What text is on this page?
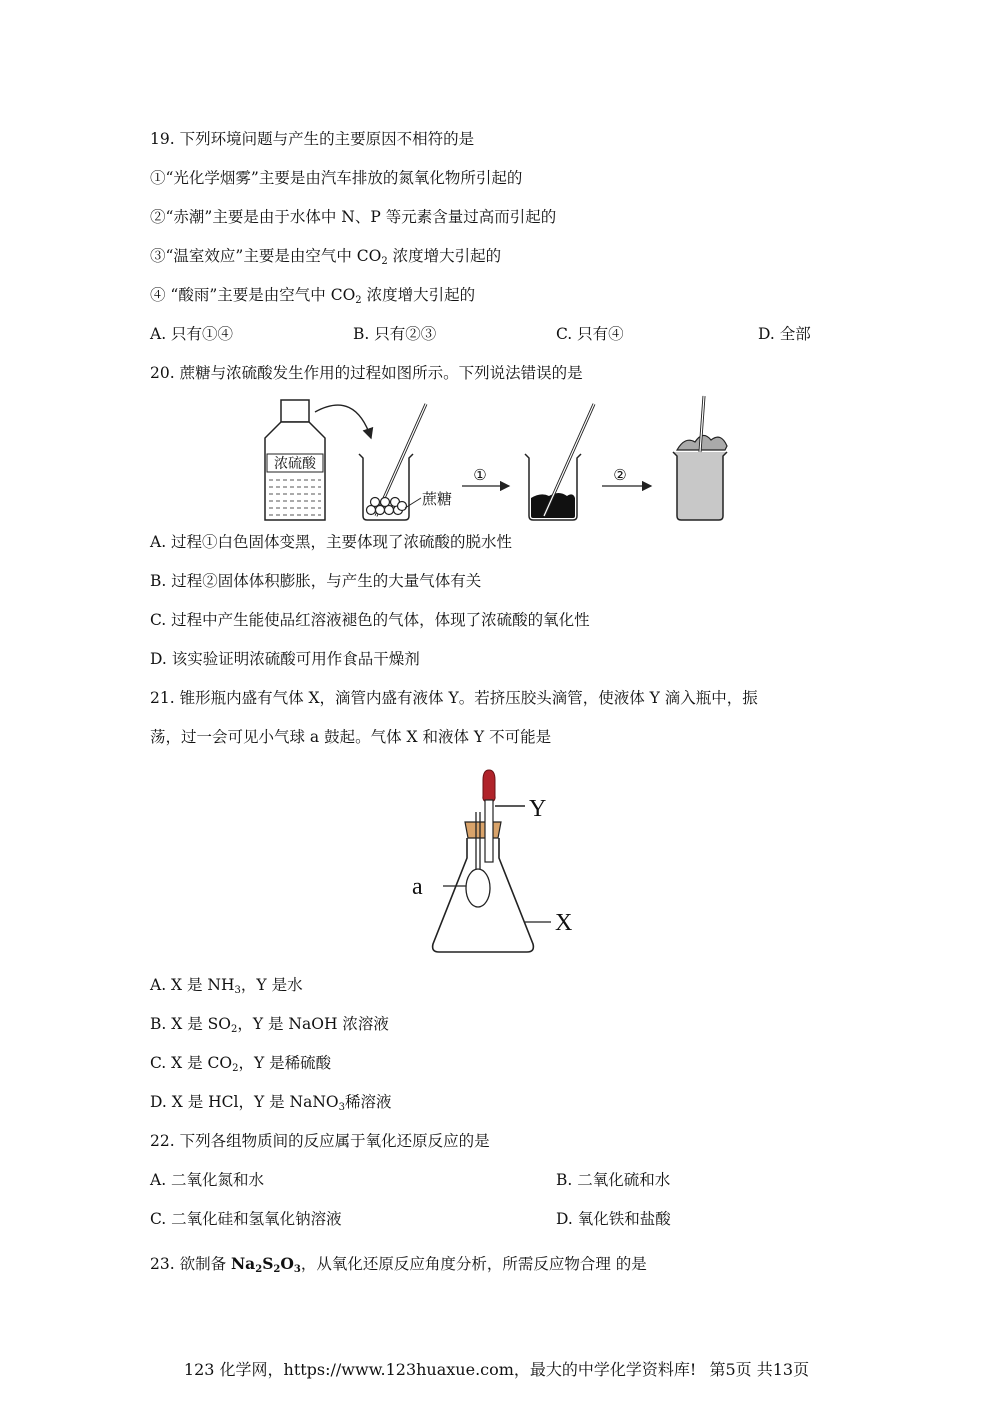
19. 下列环境问题与产生的主要原因不相符的是
①“光化学烟雾”主要是由汽车排放的氮氧化物所引起的
②“赤潮”主要是由于水体中 N、P 等元素含量过高而引起的
③“温室效应”主要是由空气中 $CO_2$ 浓度增大引起的
④ “酸雨”主要是由空气中 $CO_2$ 浓度增大引起的
A. 只有①④	B. 只有②③	C. 只有④	D. 全部
20. 蔗糖与浓硫酸发生作用的过程如图所示。下列说法错误的是
浓硫酸
蔗糖
①	②
A. 过程①白色固体变黑，主要体现了浓硫酸的脱水性
B. 过程②固体体积膨胀，与产生的大量气体有关
C. 过程中产生能使品红溶液褪色的气体，体现了浓硫酸的氧化性
D. 该实验证明浓硫酸可用作食品干燥剂
21. 锥形瓶内盛有气体 X，滴管内盛有液体 Y。若挤压胶头滴管，使液体 Y 滴入瓶中，振
荡，过一会可见小气球 a 鼓起。气体 X 和液体 Y 不可能是
Y
a
X
A. X 是 $NH_3$，Y 是水
B. X 是 $SO_2$，Y 是 NaOH 浓溶液
C. X 是 $CO_2$，Y 是稀硫酸
D. X 是 HCl，Y 是 NaNO$_3$稀溶液
22. 下列各组物质间的反应属于氧化还原反应的是
A. 二氧化氮和水	B. 二氧化硫和水
C. 二氧化硅和氢氧化钠溶液	D. 氧化铁和盐酸
23. 欲制备 $Na_2S_2O_3$，从氧化还原反应角度分析，所需反应物合理 的是
123 化学网，https://www.123huaxue.com，最大的中学化学资料库! 第5页 共13页
